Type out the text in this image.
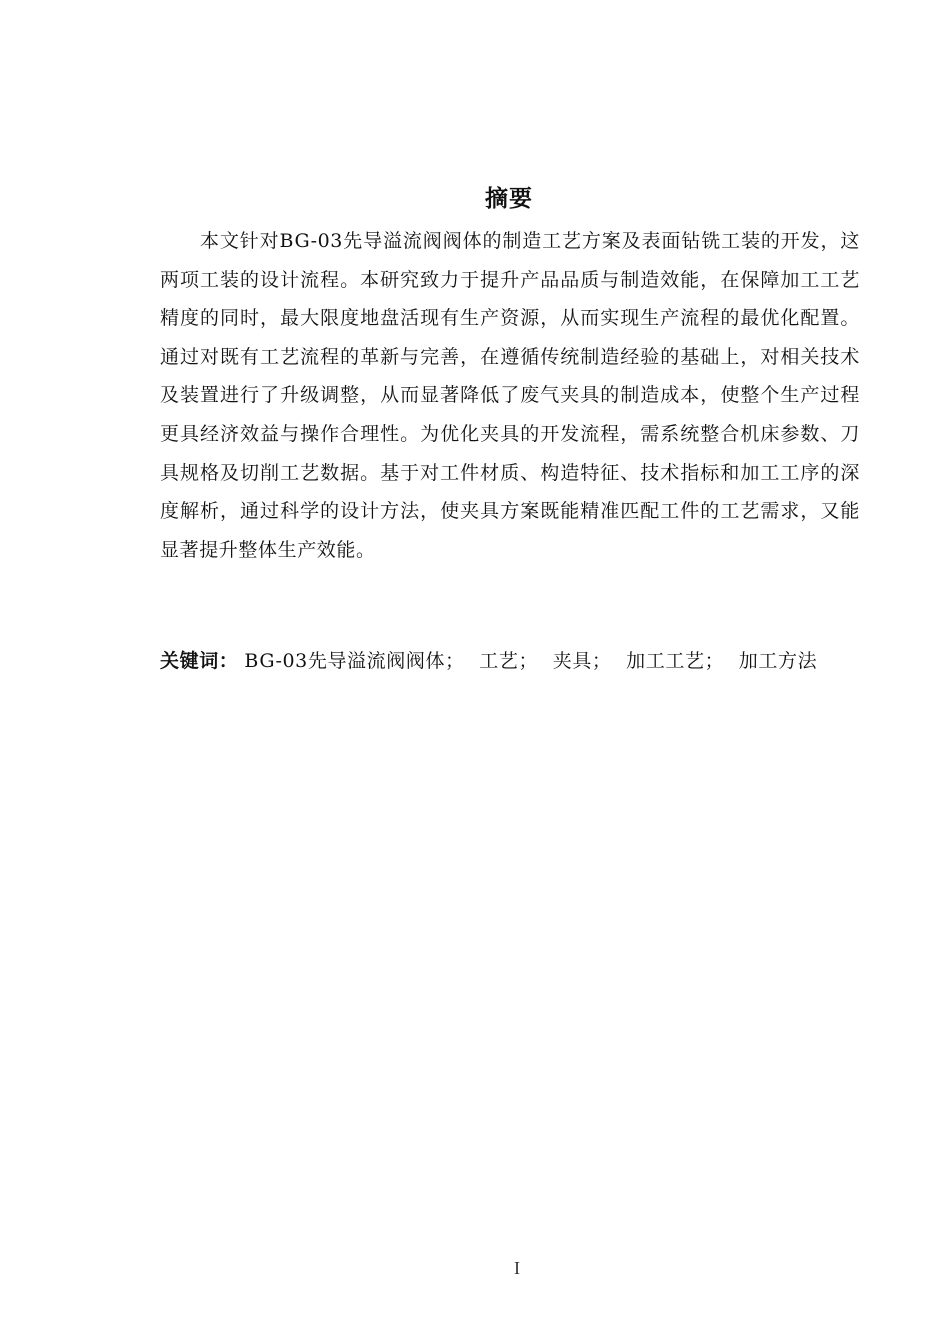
摘要

本文针对BG-03先导溢流阀阀体的制造工艺方案及表面钻铣工装的开发，这两项工装的设计流程。本研究致力于提升产品品质与制造效能，在保障加工工艺精度的同时，最大限度地盘活现有生产资源，从而实现生产流程的最优化配置。通过对既有工艺流程的革新与完善，在遵循传统制造经验的基础上，对相关技术及装置进行了升级调整，从而显著降低了废气夹具的制造成本，使整个生产过程更具经济效益与操作合理性。为优化夹具的开发流程，需系统整合机床参数、刀具规格及切削工艺数据。基于对工件材质、构造特征、技术指标和加工工序的深度解析，通过科学的设计方法，使夹具方案既能精准匹配工件的工艺需求，又能显著提升整体生产效能。

关键词： BG-03先导溢流阀阀体； 工艺； 夹具； 加工工艺； 加工方法

I
